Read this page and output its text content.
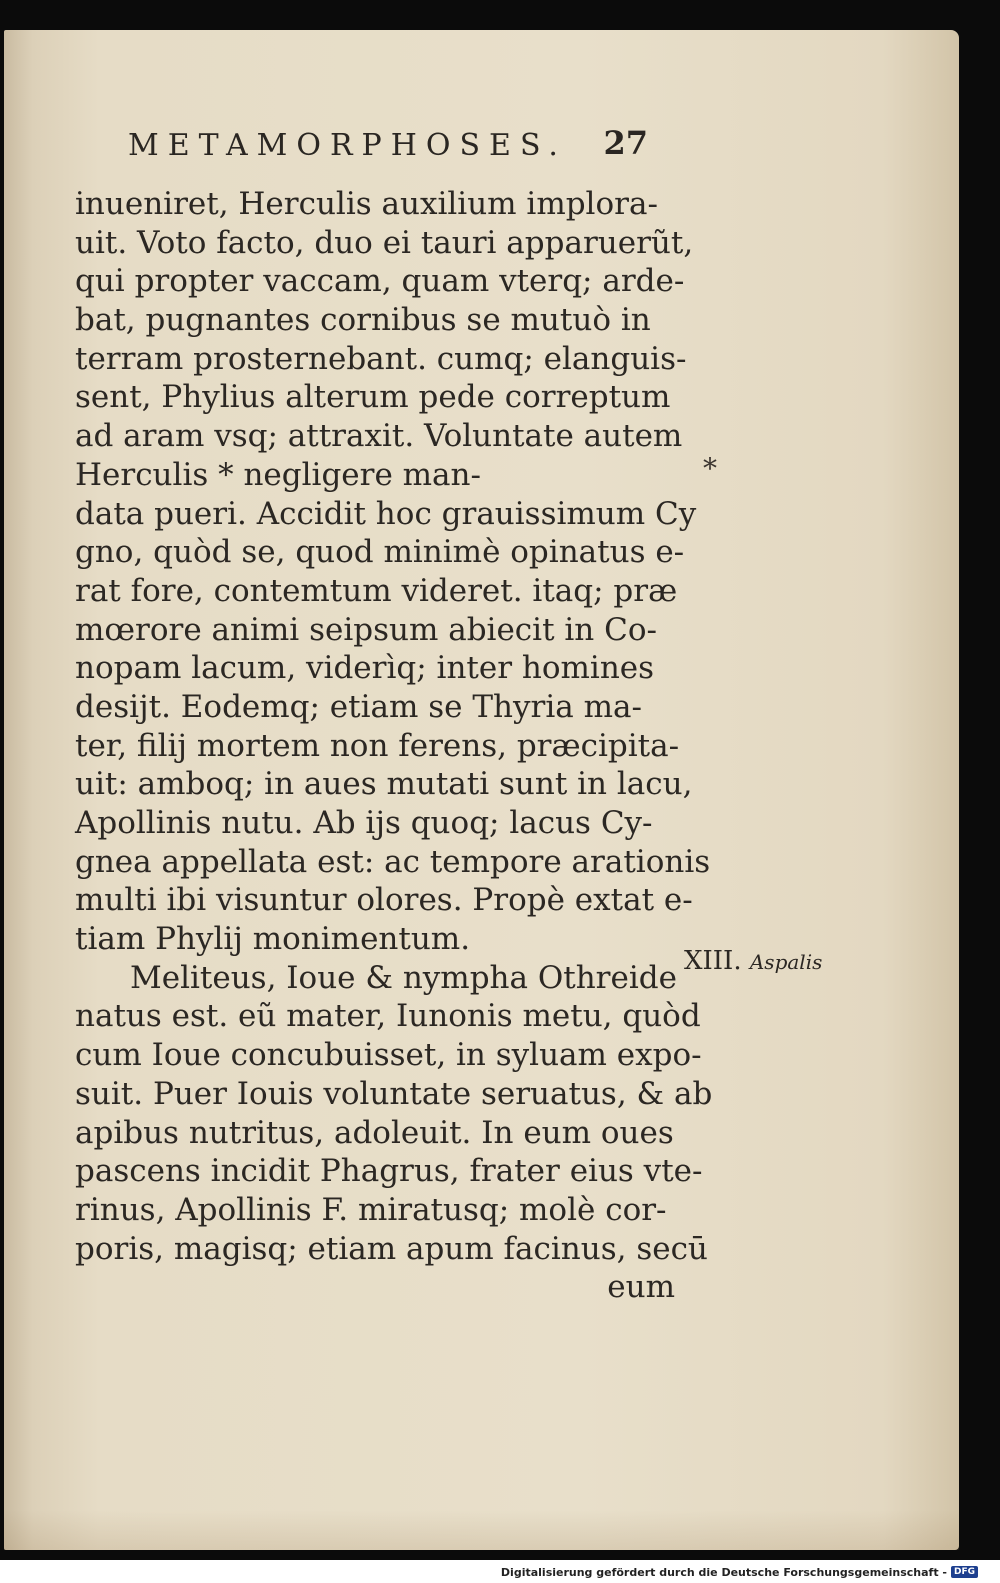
METAMORPHOSES. 27
inueniret, Herculis auxilium implora-
uit. Voto facto, duo ei tauri apparuerũt,
qui propter vaccam, quam vterq; arde-
bat, pugnantes cornibus se mutuò in
terram prosternebant. cumq; elanguis-
sent, Phylius alterum pede correptum
ad aram vsq; attraxit. Voluntate autem
Herculis * negligere man-
data pueri. Accidit hoc grauissimum Cy
gno, quòd se, quod minimè opinatus e-
rat fore, contemtum videret. itaq; præ
mœrore animi seipsum abiecit in Co-
nopam lacum, viderìq; inter homines
desijt. Eodemq; etiam se Thyria ma-
ter, filij mortem non ferens, præcipita-
uit: amboq; in aues mutati sunt in lacu,
Apollinis nutu. Ab ijs quoq; lacus Cy-
gnea appellata est: ac tempore arationis
multi ibi visuntur olores. Propè extat e-
tiam Phylij monimentum.
Meliteus, Ioue & nympha Othreide
natus est. eũ mater, Iunonis metu, quòd
cum Ioue concubuisset, in syluam expo-
suit. Puer Iouis voluntate seruatus, & ab
apibus nutritus, adoleuit. In eum oues
pascens incidit Phagrus, frater eius vte-
rinus, Apollinis F. miratusq; molè cor-
poris, magisq; etiam apum facinus, secū
eum
*
XIII. Aspalis
Digitalisierung gefördert durch die Deutsche Forschungsgemeinschaft - DFG
